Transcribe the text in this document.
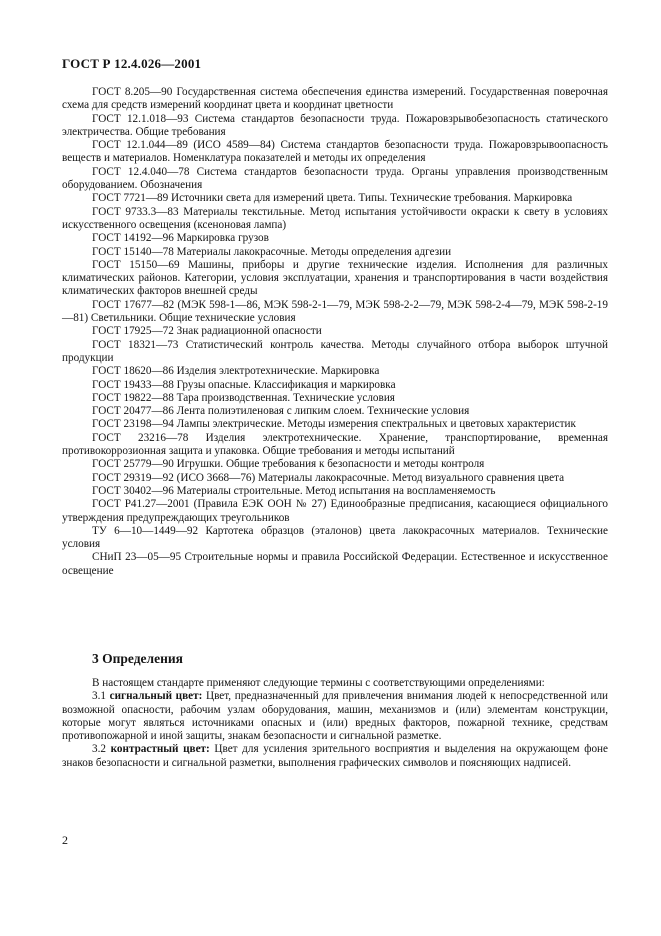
ГОСТ Р 12.4.026—2001

ГОСТ 8.205—90 Государственная система обеспечения единства измерений. Государственная поверочная схема для средств измерений координат цвета и координат цветности

ГОСТ 12.1.018—93 Система стандартов безопасности труда. Пожаровзрывобезопасность статического электричества. Общие требования

ГОСТ 12.1.044—89 (ИСО 4589—84) Система стандартов безопасности труда. Пожаровзрывоопасность веществ и материалов. Номенклатура показателей и методы их определения

ГОСТ 12.4.040—78 Система стандартов безопасности труда. Органы управления производственным оборудованием. Обозначения

ГОСТ 7721—89 Источники света для измерений цвета. Типы. Технические требования. Маркировка

ГОСТ 9733.3—83 Материалы текстильные. Метод испытания устойчивости окраски к свету в условиях искусственного освещения (ксеноновая лампа)

ГОСТ 14192—96 Маркировка грузов

ГОСТ 15140—78 Материалы лакокрасочные. Методы определения адгезии

ГОСТ 15150—69 Машины, приборы и другие технические изделия. Исполнения для различных климатических районов. Категории, условия эксплуатации, хранения и транспортирования в части воздействия климатических факторов внешней среды

ГОСТ 17677—82 (МЭК 598-1—86, МЭК 598-2-1—79, МЭК 598-2-2—79, МЭК 598-2-4—79, МЭК 598-2-19—81) Светильники. Общие технические условия

ГОСТ 17925—72 Знак радиационной опасности

ГОСТ 18321—73 Статистический контроль качества. Методы случайного отбора выборок штучной продукции

ГОСТ 18620—86 Изделия электротехнические. Маркировка

ГОСТ 19433—88 Грузы опасные. Классификация и маркировка

ГОСТ 19822—88 Тара производственная. Технические условия

ГОСТ 20477—86 Лента полиэтиленовая с липким слоем. Технические условия

ГОСТ 23198—94 Лампы электрические. Методы измерения спектральных и цветовых характеристик

ГОСТ 23216—78 Изделия электротехнические. Хранение, транспортирование, временная противокоррозионная защита и упаковка. Общие требования и методы испытаний

ГОСТ 25779—90 Игрушки. Общие требования к безопасности и методы контроля

ГОСТ 29319—92 (ИСО 3668—76) Материалы лакокрасочные. Метод визуального сравнения цвета

ГОСТ 30402—96 Материалы строительные. Метод испытания на воспламеняемость

ГОСТ Р41.27—2001 (Правила ЕЭК ООН № 27) Единообразные предписания, касающиеся официального утверждения предупреждающих треугольников

ТУ 6—10—1449—92 Картотека образцов (эталонов) цвета лакокрасочных материалов. Технические условия

СНиП 23—05—95 Строительные нормы и правила Российской Федерации. Естественное и искусственное освещение

3 Определения

В настоящем стандарте применяют следующие термины с соответствующими определениями:

3.1 сигнальный цвет: Цвет, предназначенный для привлечения внимания людей к непосредственной или возможной опасности, рабочим узлам оборудования, машин, механизмов и (или) элементам конструкции, которые могут являться источниками опасных и (или) вредных факторов, пожарной технике, средствам противопожарной и иной защиты, знакам безопасности и сигнальной разметке.

3.2 контрастный цвет: Цвет для усиления зрительного восприятия и выделения на окружающем фоне знаков безопасности и сигнальной разметки, выполнения графических символов и поясняющих надписей.

2
